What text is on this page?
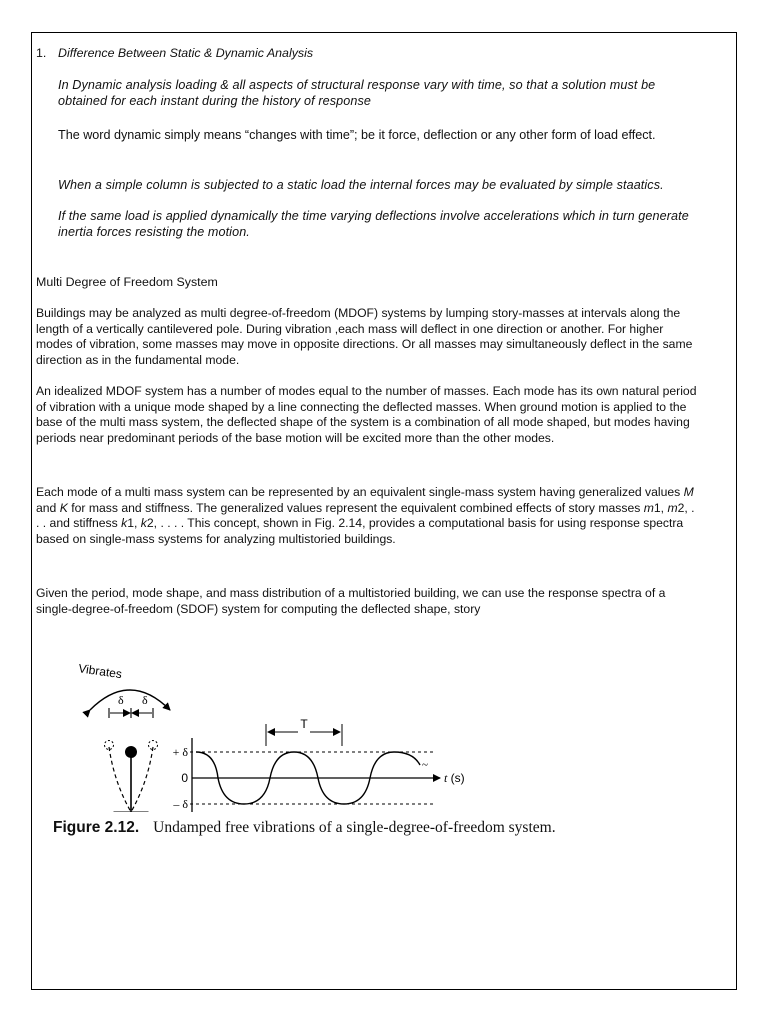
1. Difference Between Static & Dynamic Analysis

In Dynamic analysis loading & all aspects of structural response vary with time, so that a solution must be obtained for each instant during the history of response

The word dynamic simply means “changes with time”; be it force, deflection or any other form of load effect.

When a simple column is subjected to a static load the internal forces may be evaluated by simple staatics.

If the same load is applied dynamically the time varying deflections involve accelerations which in turn generate inertia forces resisting the motion.

Multi Degree of Freedom System

Buildings may be analyzed as multi degree-of-freedom (MDOF) systems by lumping story-masses at intervals along the length of a vertically cantilevered pole. During vibration ,each mass will deflect in one direction or another. For higher modes of vibration, some masses may move in opposite directions. Or all masses may simultaneously deflect in the same direction as in the fundamental mode.

An idealized MDOF system has a number of modes equal to the number of masses. Each mode has its own natural period of vibration with a unique mode shaped by a line connecting the deflected masses. When ground motion is applied to the base of the multi mass system, the deflected shape of the system is a combination of all mode shaped, but modes having periods near predominant periods of the base motion will be excited more than the other modes.

Each mode of a multi mass system can be represented by an equivalent single-mass system having generalized values M and K for mass and stiffness. The generalized values represent the equivalent combined effects of story masses m1, m2, . . . and stiffness k1, k2, . . . . This concept, shown in Fig. 2.14, provides a computational basis for using response spectra based on single-mass systems for analyzing multistoried buildings.

Given the period, mode shape, and mass distribution of a multistoried building, we can use the response spectra of a single-degree-of-freedom (SDOF) system for computing the deflected shape, story

Vibrates
δ δ
+ δ
0
– δ
t (s)
~
T

Figure 2.12. Undamped free vibrations of a single-degree-of-freedom system.
